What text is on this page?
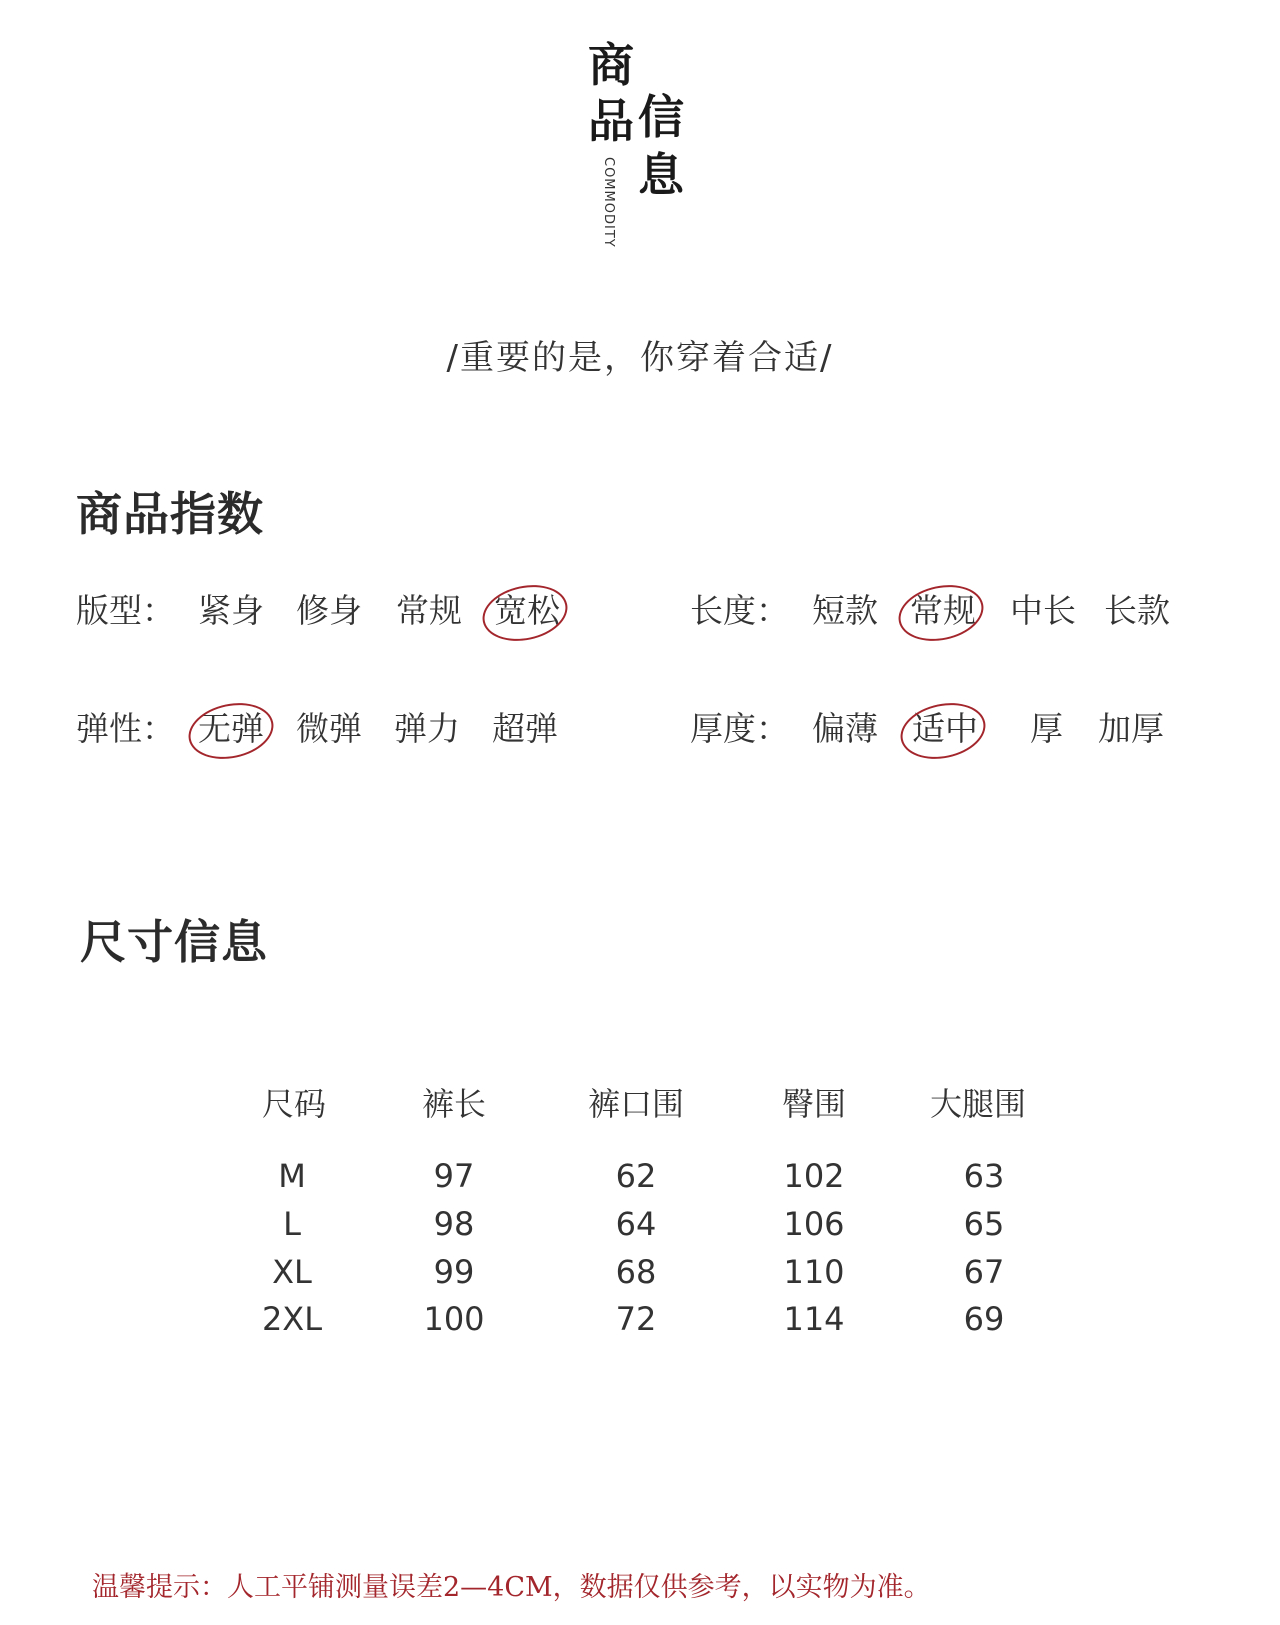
商
品 信
息
COMMODITY
/重要的是，你穿着合适/
商品指数
版型： 紧身 修身 常规 宽松	长度： 短款 常规 中长 长款
弹性： 无弹 微弹 弹力 超弹	厚度： 偏薄 适中 厚 加厚
尺寸信息
尺码	裤长	裤口围	臀围	大腿围
M	97	62	102	63
L	98	64	106	65
XL	99	68	110	67
2XL	100	72	114	69
温馨提示：人工平铺测量误差2—4CM，数据仅供参考，以实物为准。
